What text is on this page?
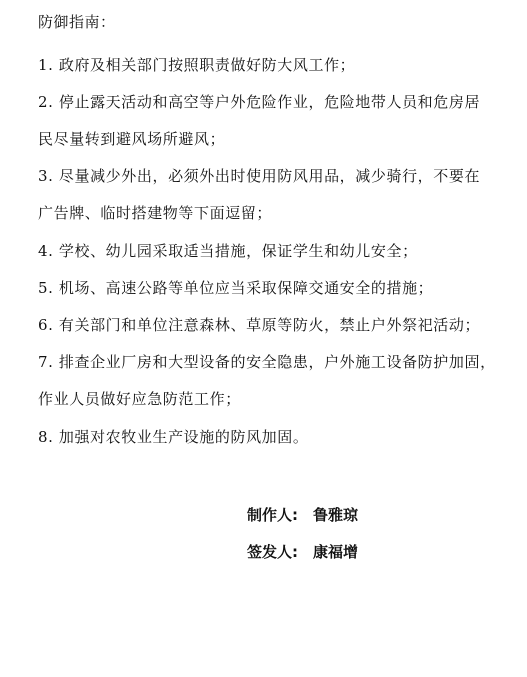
防御指南：
1. 政府及相关部门按照职责做好防大风工作；
2. 停止露天活动和高空等户外危险作业，危险地带人员和危房居
民尽量转到避风场所避风；
3. 尽量减少外出，必须外出时使用防风用品，减少骑行，不要在
广告牌、临时搭建物等下面逗留；
4. 学校、幼儿园采取适当措施，保证学生和幼儿安全；
5. 机场、高速公路等单位应当采取保障交通安全的措施；
6. 有关部门和单位注意森林、草原等防火，禁止户外祭祀活动；
7. 排查企业厂房和大型设备的安全隐患，户外施工设备防护加固，
作业人员做好应急防范工作；
8. 加强对农牧业生产设施的防风加固。
制作人: 鲁雅琼
签发人: 康福增
